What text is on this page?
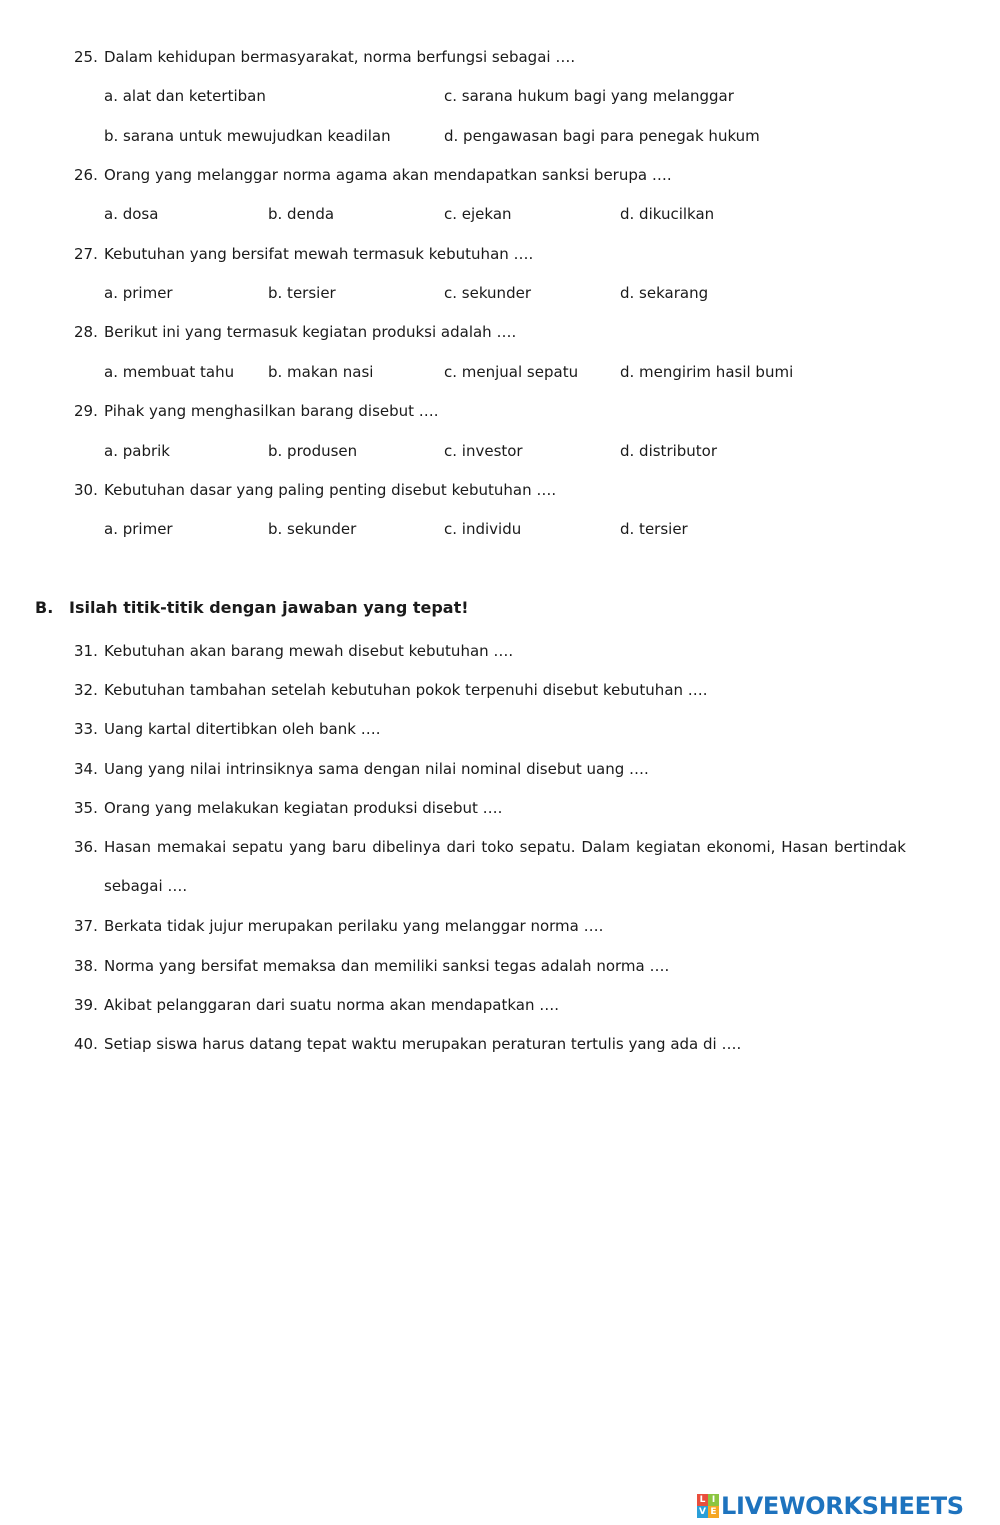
25. Dalam kehidupan bermasyarakat, norma berfungsi sebagai ….
a. alat dan ketertiban	c. sarana hukum bagi yang melanggar
b. sarana untuk mewujudkan keadilan	d. pengawasan bagi para penegak hukum
26. Orang yang melanggar norma agama akan mendapatkan sanksi berupa ….
a. dosa	b. denda	c. ejekan	d. dikucilkan
27. Kebutuhan yang bersifat mewah termasuk kebutuhan ….
a. primer	b. tersier	c. sekunder	d. sekarang
28. Berikut ini yang termasuk kegiatan produksi adalah ….
a. membuat tahu b. makan nasi	c. menjual sepatu	d. mengirim hasil bumi
29. Pihak yang menghasilkan barang disebut ….
a. pabrik	b. produsen	c. investor	d. distributor
30. Kebutuhan dasar yang paling penting disebut kebutuhan ….
a. primer	b. sekunder	c. individu	d. tersier
B. Isilah titik-titik dengan jawaban yang tepat!
31. Kebutuhan akan barang mewah disebut kebutuhan ….
32. Kebutuhan tambahan setelah kebutuhan pokok terpenuhi disebut kebutuhan ….
33. Uang kartal ditertibkan oleh bank ….
34. Uang yang nilai intrinsiknya sama dengan nilai nominal disebut uang ….
35. Orang yang melakukan kegiatan produksi disebut ….
36. Hasan memakai sepatu yang baru dibelinya dari toko sepatu. Dalam kegiatan ekonomi, Hasan bertindak
sebagai ….
37. Berkata tidak jujur merupakan perilaku yang melanggar norma ….
38. Norma yang bersifat memaksa dan memiliki sanksi tegas adalah norma ….
39. Akibat pelanggaran dari suatu norma akan mendapatkan ….
40. Setiap siswa harus datang tepat waktu merupakan peraturan tertulis yang ada di ….
L I
V E LIVEWORKSHEETS
